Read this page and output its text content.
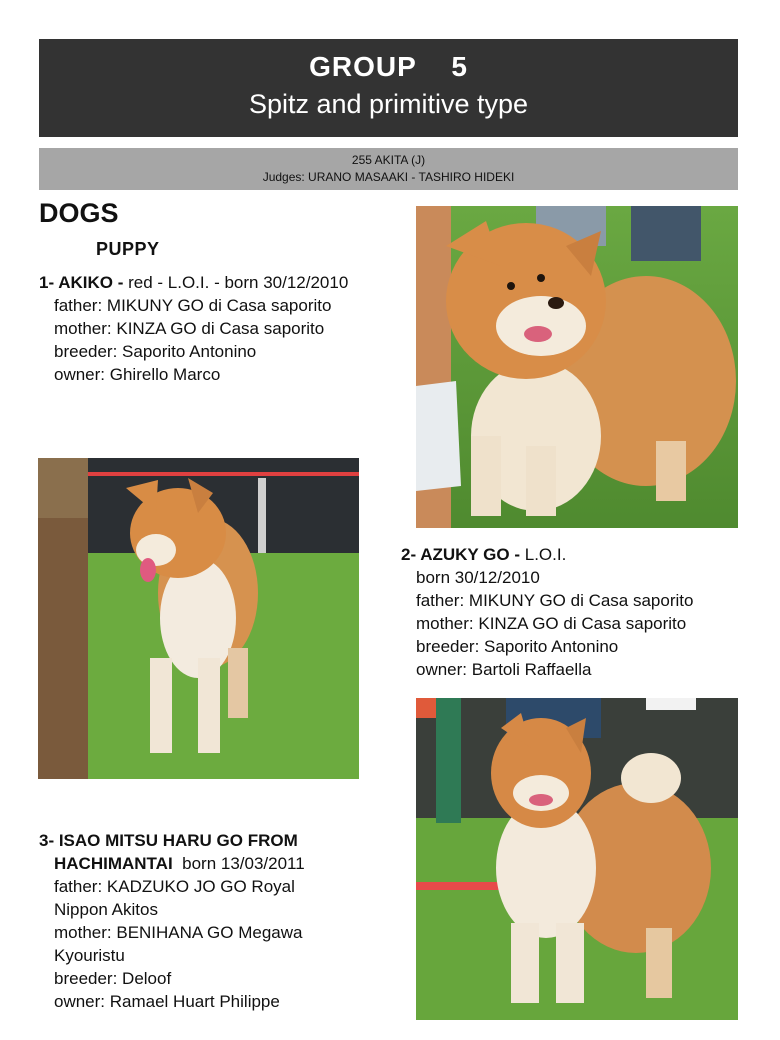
GROUP    5
Spitz and primitive type
255 AKITA (J)
Judges: URANO MASAAKI - TASHIRO HIDEKI
DOGS
PUPPY
1- AKIKO - red - L.O.I. - born 30/12/2010
father: MIKUNY GO di Casa saporito
mother: KINZA GO di Casa saporito
breeder: Saporito Antonino
owner: Ghirello Marco
2- AZUKY GO - L.O.I.
born 30/12/2010
father: MIKUNY GO di Casa saporito
mother: KINZA GO di Casa saporito
breeder: Saporito Antonino
owner: Bartoli Raffaella
3- ISAO MITSU HARU GO FROM
HACHIMANTAI  born 13/03/2011
father: KADZUKO JO GO Royal
Nippon Akitos
mother: BENIHANA GO Megawa
Kyouristu
breeder: Deloof
owner: Ramael Huart Philippe
